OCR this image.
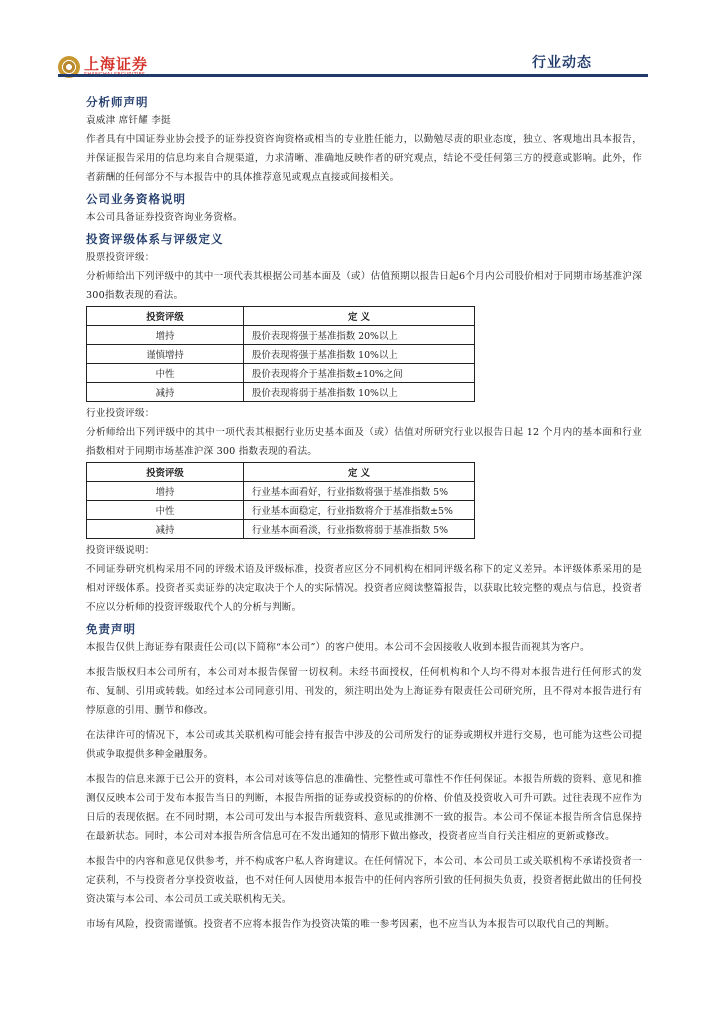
上海证券	行业动态
分析师声明

袁威津 席钎耀 李挺

作者具有中国证券业协会授予的证券投资咨询资格或相当的专业胜任能力，以勤勉尽责的职业态度，独立、客观地出具本报告，并保证报告采用的信息均来自合规渠道，力求清晰、准确地反映作者的研究观点，结论不受任何第三方的授意或影响。此外，作者薪酬的任何部分不与本报告中的具体推荐意见或观点直接或间接相关。

公司业务资格说明

本公司具备证券投资咨询业务资格。

投资评级体系与评级定义

股票投资评级：

分析师给出下列评级中的其中一项代表其根据公司基本面及（或）估值预期以报告日起6个月内公司股价相对于同期市场基准沪深300指数表现的看法。

投资评级	定 义
增持	股价表现将强于基准指数 20%以上
谨慎增持	股价表现将强于基准指数 10%以上
中性	股价表现将介于基准指数±10%之间
减持	股价表现将弱于基准指数 10%以上

行业投资评级：

分析师给出下列评级中的其中一项代表其根据行业历史基本面及（或）估值对所研究行业以报告日起 12 个月内的基本面和行业指数相对于同期市场基准沪深 300 指数表现的看法。

投资评级	定 义
增持	行业基本面看好，行业指数将强于基准指数 5%
中性	行业基本面稳定，行业指数将介于基准指数±5%
减持	行业基本面看淡，行业指数将弱于基准指数 5%

投资评级说明：

不同证券研究机构采用不同的评级术语及评级标准，投资者应区分不同机构在相同评级名称下的定义差异。本评级体系采用的是相对评级体系。投资者买卖证券的决定取决于个人的实际情况。投资者应阅读整篇报告，以获取比较完整的观点与信息，投资者不应以分析师的投资评级取代个人的分析与判断。

免责声明

本报告仅供上海证券有限责任公司(以下简称“本公司”）的客户使用。本公司不会因接收人收到本报告而视其为客户。

本报告版权归本公司所有，本公司对本报告保留一切权利。未经书面授权，任何机构和个人均不得对本报告进行任何形式的发布、复制、引用或转载。如经过本公司同意引用、刊发的，须注明出处为上海证券有限责任公司研究所，且不得对本报告进行有悖原意的引用、删节和修改。

在法律许可的情况下，本公司或其关联机构可能会持有报告中涉及的公司所发行的证券或期权并进行交易，也可能为这些公司提供或争取提供多种金融服务。

本报告的信息来源于已公开的资料，本公司对该等信息的准确性、完整性或可靠性不作任何保证。本报告所载的资料、意见和推测仅反映本公司于发布本报告当日的判断，本报告所指的证券或投资标的的价格、价值及投资收入可升可跌。过往表现不应作为日后的表现依据。在不同时期，本公司可发出与本报告所载资料、意见或推测不一致的报告。本公司不保证本报告所含信息保持在最新状态。同时，本公司对本报告所含信息可在不发出通知的情形下做出修改，投资者应当自行关注相应的更新或修改。

本报告中的内容和意见仅供参考，并不构成客户私人咨询建议。在任何情况下，本公司、本公司员工或关联机构不承诺投资者一定获利，不与投资者分享投资收益，也不对任何人因使用本报告中的任何内容所引致的任何损失负责，投资者据此做出的任何投资决策与本公司、本公司员工或关联机构无关。

市场有风险，投资需谨慎。投资者不应将本报告作为投资决策的唯一参考因素，也不应当认为本报告可以取代自己的判断。
